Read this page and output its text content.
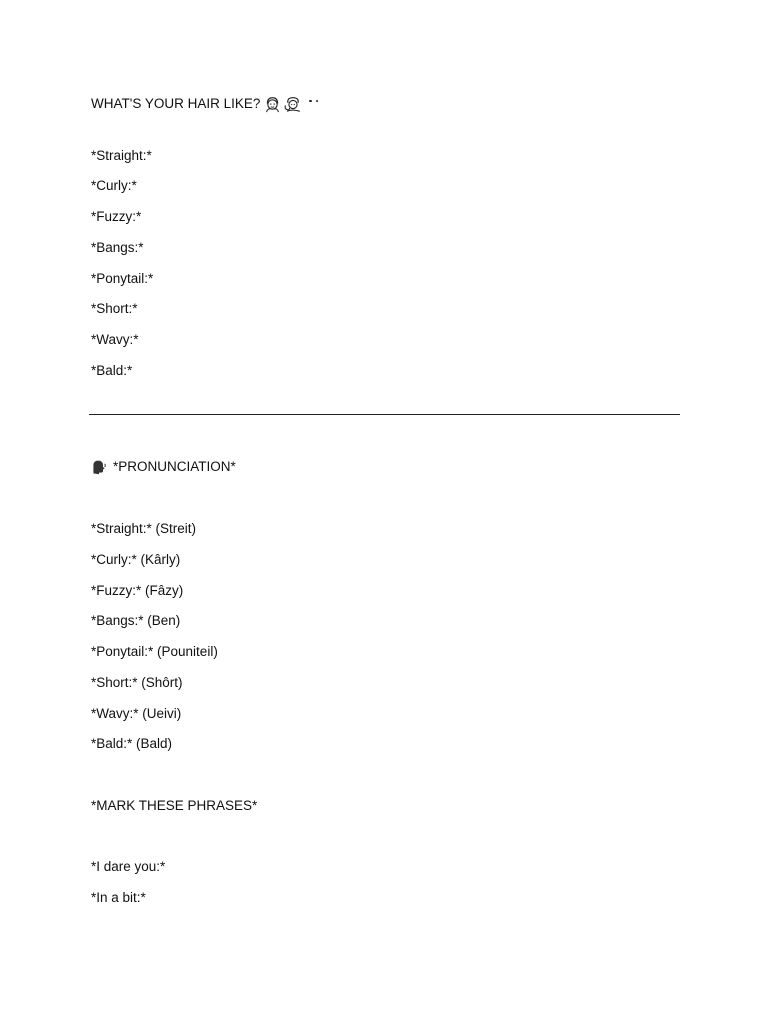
WHAT'S YOUR HAIR LIKE?
*Straight:*
*Curly:*
*Fuzzy:*
*Bangs:*
*Ponytail:*
*Short:*
*Wavy:*
*Bald:*
*PRONUNCIATION*
*Straight:* (Streit)
*Curly:* (Kârly)
*Fuzzy:* (Fâzy)
*Bangs:* (Ben)
*Ponytail:* (Pouniteil)
*Short:* (Shôrt)
*Wavy:* (Ueivi)
*Bald:* (Bald)
*MARK THESE PHRASES*
*I dare you:*
*In a bit:*
